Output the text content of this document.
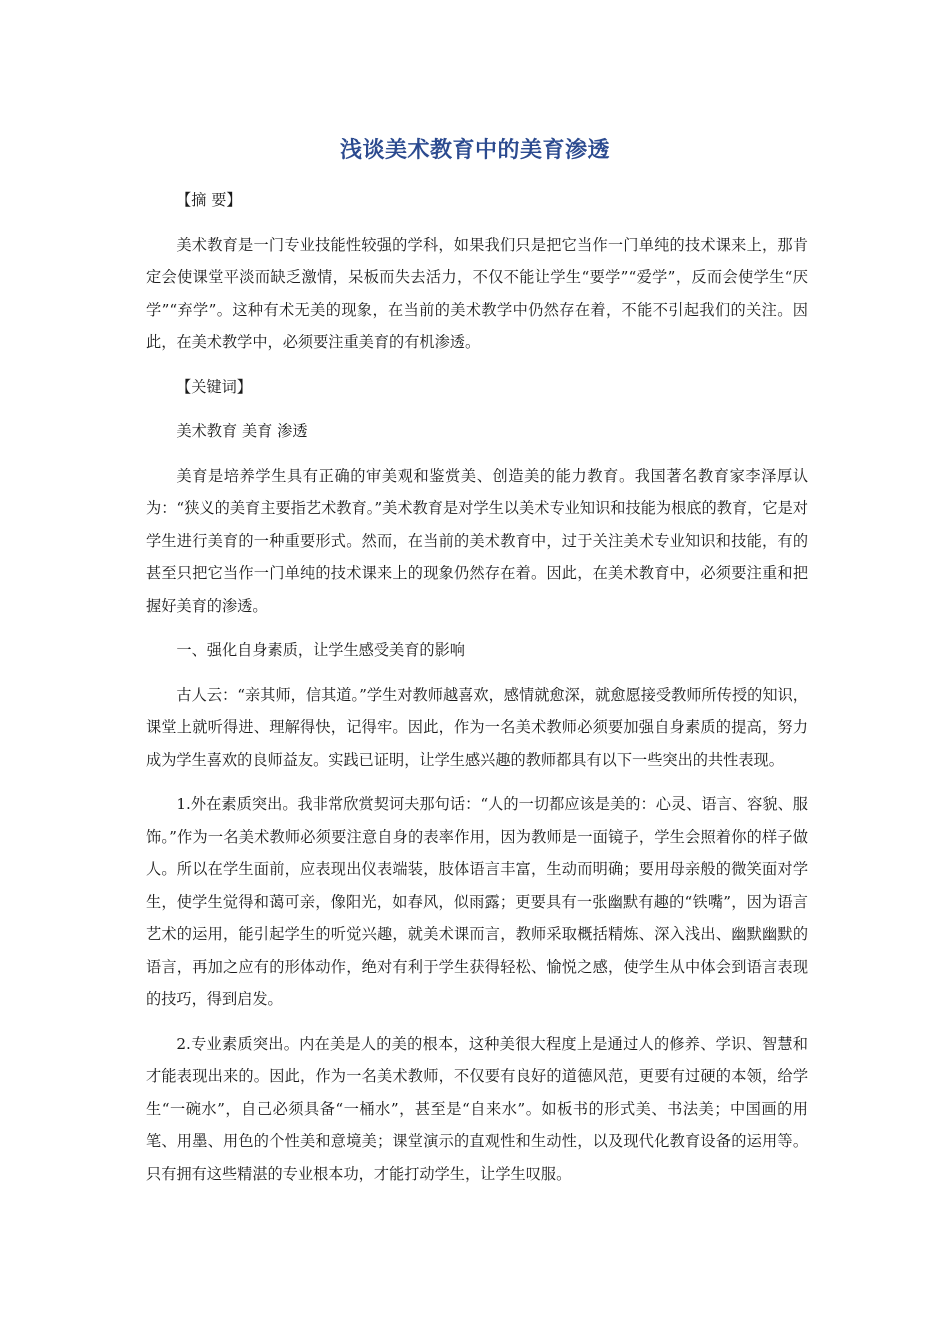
浅谈美术教育中的美育渗透

【摘 要】

美术教育是一门专业技能性较强的学科，如果我们只是把它当作一门单纯的技术课来上，那肯定会使课堂平淡而缺乏激情，呆板而失去活力，不仅不能让学生“要学”“爱学”，反而会使学生“厌学”“弃学”。这种有术无美的现象，在当前的美术教学中仍然存在着，不能不引起我们的关注。因此，在美术教学中，必须要注重美育的有机渗透。

【关键词】

美术教育 美育 渗透

美育是培养学生具有正确的审美观和鉴赏美、创造美的能力教育。我国著名教育家李泽厚认为：“狭义的美育主要指艺术教育。”美术教育是对学生以美术专业知识和技能为根底的教育，它是对学生进行美育的一种重要形式。然而，在当前的美术教育中，过于关注美术专业知识和技能，有的甚至只把它当作一门单纯的技术课来上的现象仍然存在着。因此，在美术教育中，必须要注重和把握好美育的渗透。

一、强化自身素质，让学生感受美育的影响

古人云：“亲其师，信其道。”学生对教师越喜欢，感情就愈深，就愈愿接受教师所传授的知识，课堂上就听得进、理解得快，记得牢。因此，作为一名美术教师必须要加强自身素质的提高，努力成为学生喜欢的良师益友。实践已证明，让学生感兴趣的教师都具有以下一些突出的共性表现。

1.外在素质突出。我非常欣赏契诃夫那句话：“人的一切都应该是美的：心灵、语言、容貌、服饰。”作为一名美术教师必须要注意自身的表率作用，因为教师是一面镜子，学生会照着你的样子做人。所以在学生面前，应表现出仪表端装，肢体语言丰富，生动而明确；要用母亲般的微笑面对学生，使学生觉得和蔼可亲，像阳光，如春风，似雨露；更要具有一张幽默有趣的“铁嘴”，因为语言艺术的运用，能引起学生的听觉兴趣，就美术课而言，教师采取概括精炼、深入浅出、幽默幽默的语言，再加之应有的形体动作，绝对有利于学生获得轻松、愉悦之感，使学生从中体会到语言表现的技巧，得到启发。

2.专业素质突出。内在美是人的美的根本，这种美很大程度上是通过人的修养、学识、智慧和才能表现出来的。因此，作为一名美术教师，不仅要有良好的道德风范，更要有过硬的本领，给学生“一碗水”，自己必须具备“一桶水”，甚至是“自来水”。如板书的形式美、书法美；中国画的用笔、用墨、用色的个性美和意境美；课堂演示的直观性和生动性，以及现代化教育设备的运用等。只有拥有这些精湛的专业根本功，才能打动学生，让学生叹服。
